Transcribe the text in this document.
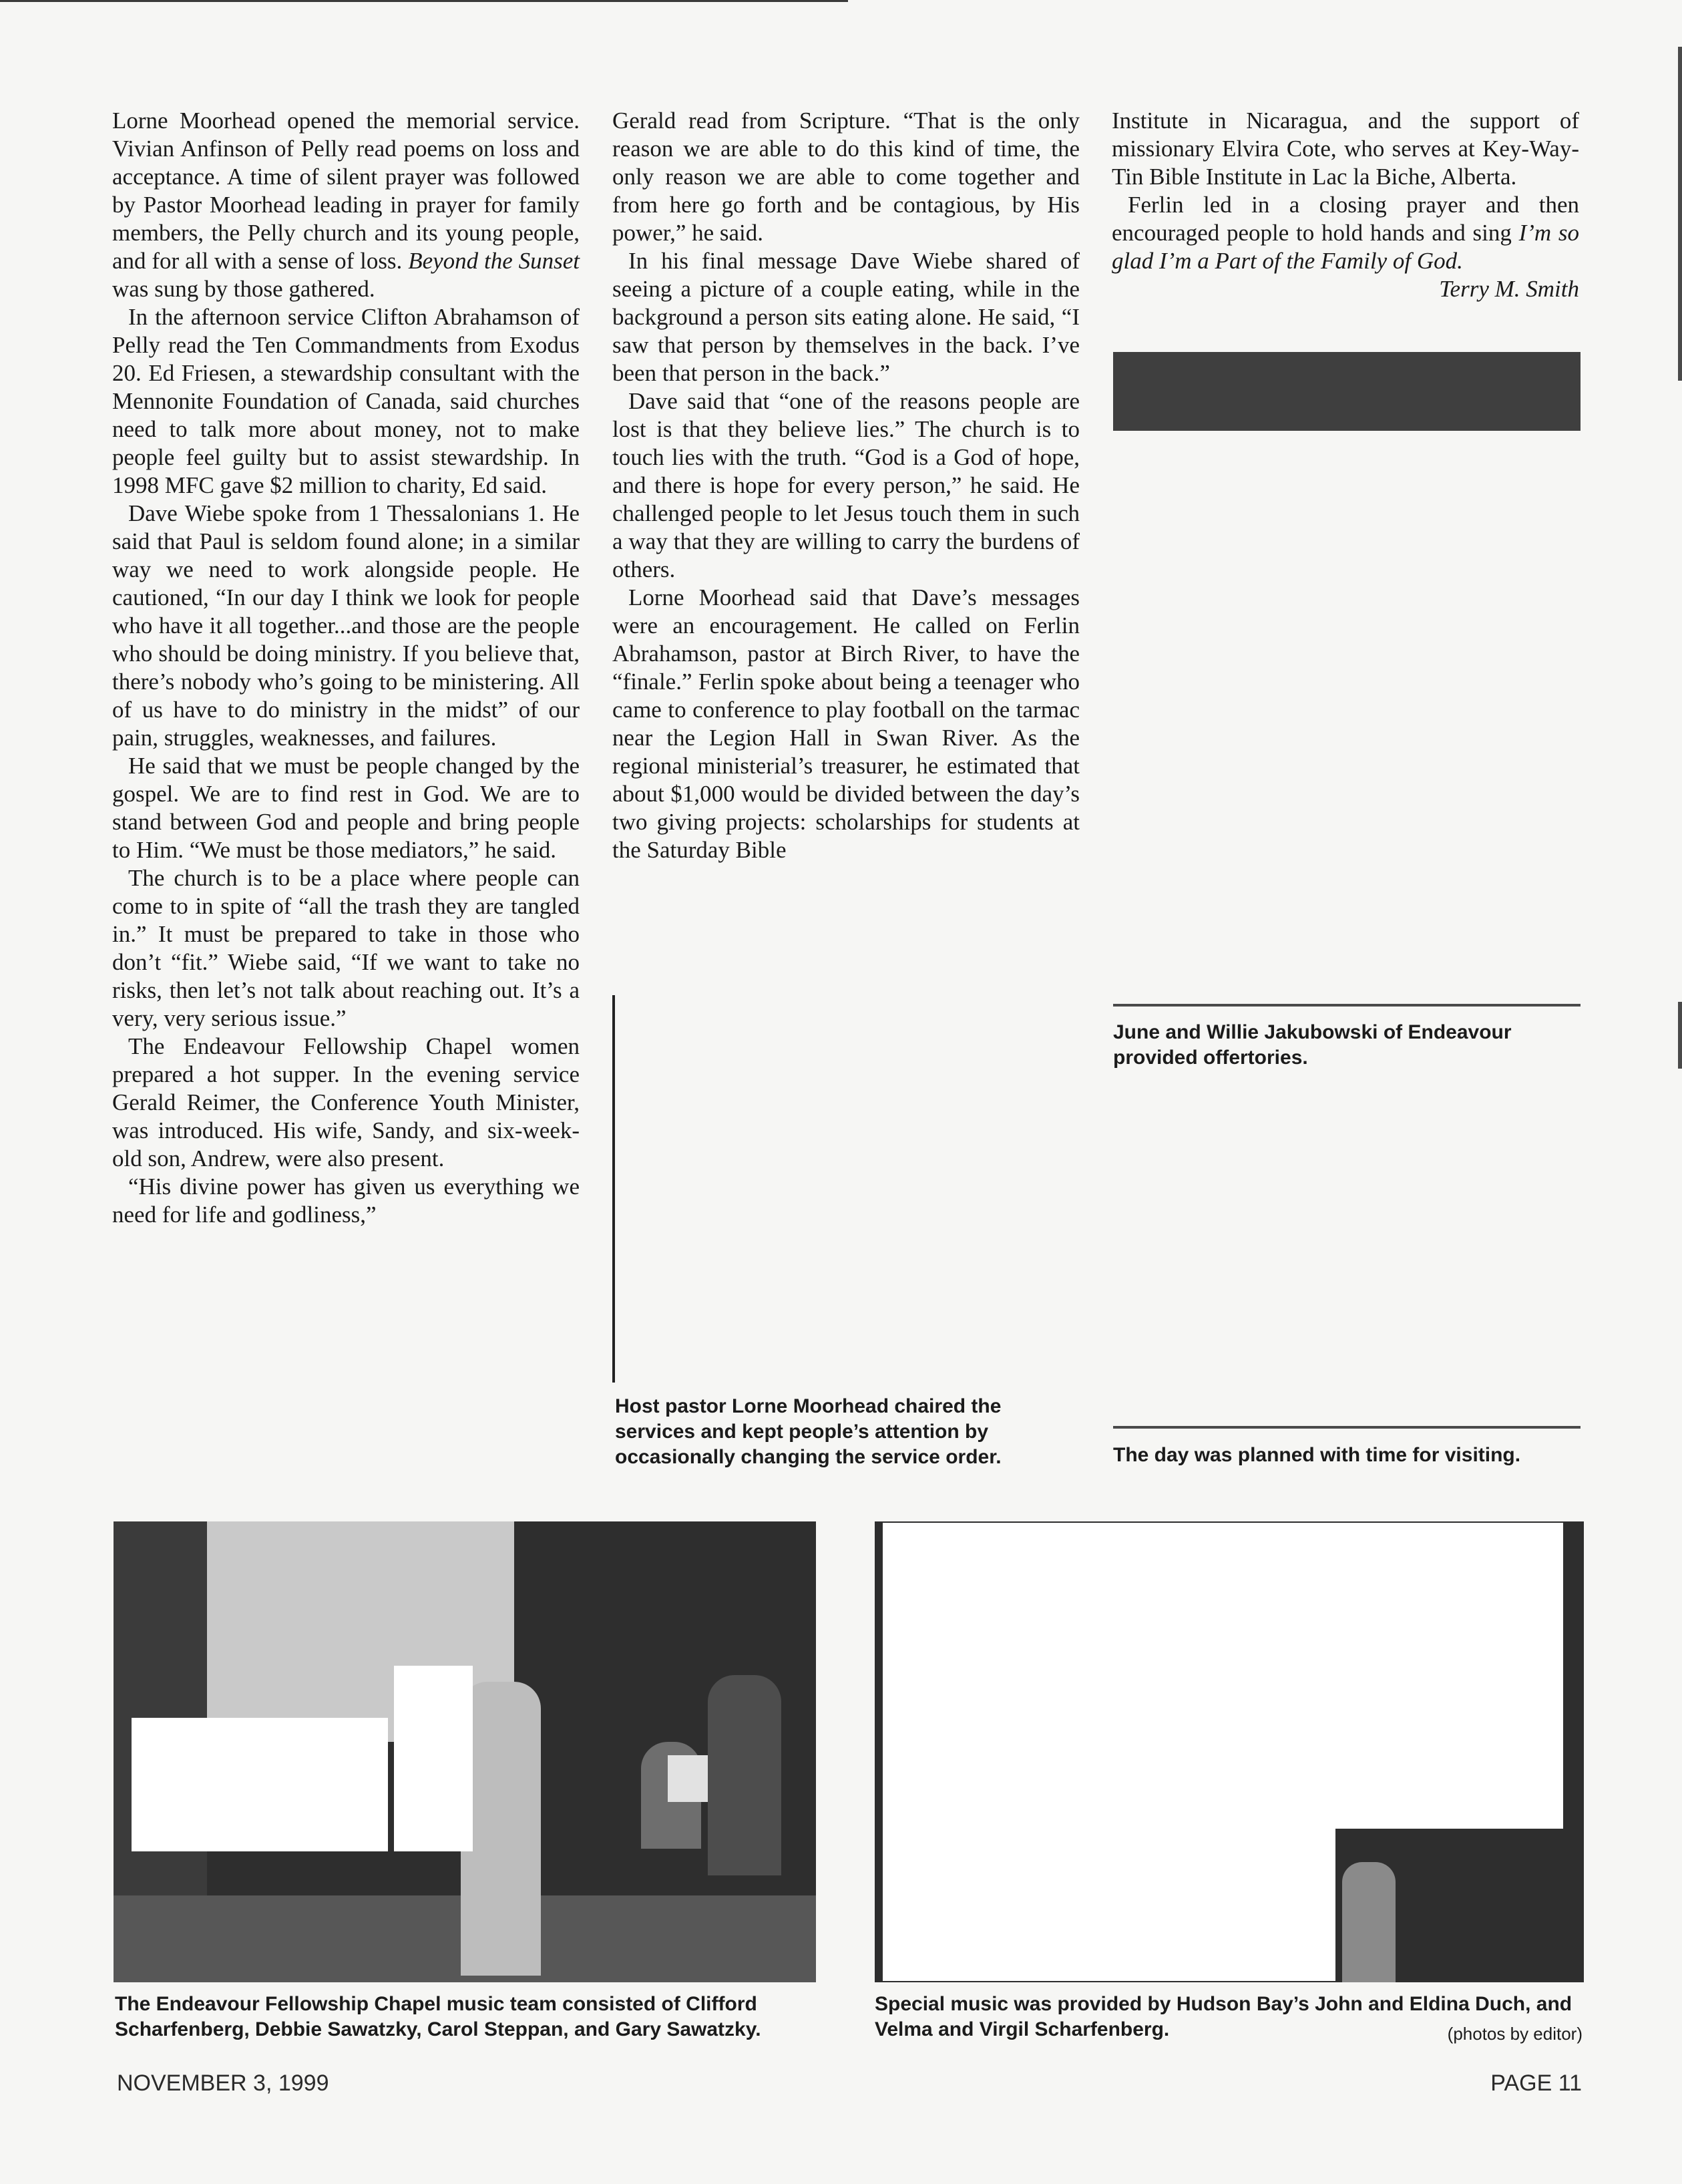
Lorne Moorhead opened the memorial service. Vivian Anfinson of Pelly read poems on loss and acceptance. A time of silent prayer was followed by Pastor Moorhead leading in prayer for family members, the Pelly church and its young people, and for all with a sense of loss. Beyond the Sunset was sung by those gathered.

In the afternoon service Clifton Abrahamson of Pelly read the Ten Commandments from Exodus 20. Ed Friesen, a stewardship consultant with the Mennonite Foundation of Canada, said churches need to talk more about money, not to make people feel guilty but to assist stewardship. In 1998 MFC gave $2 million to charity, Ed said.

Dave Wiebe spoke from 1 Thessalonians 1. He said that Paul is seldom found alone; in a similar way we need to work alongside people. He cautioned, “In our day I think we look for people who have it all together...and those are the people who should be doing ministry. If you believe that, there’s nobody who’s going to be ministering. All of us have to do ministry in the midst” of our pain, struggles, weaknesses, and failures.

He said that we must be people changed by the gospel. We are to find rest in God. We are to stand between God and people and bring people to Him. “We must be those mediators,” he said.

The church is to be a place where people can come to in spite of “all the trash they are tangled in.” It must be prepared to take in those who don’t “fit.” Wiebe said, “If we want to take no risks, then let’s not talk about reaching out. It’s a very, very serious issue.”

The Endeavour Fellowship Chapel women prepared a hot supper. In the evening service Gerald Reimer, the Conference Youth Minister, was introduced. His wife, Sandy, and six-week-old son, Andrew, were also present.

“His divine power has given us everything we need for life and godliness,”

Gerald read from Scripture. “That is the only reason we are able to do this kind of time, the only reason we are able to come together and from here go forth and be contagious, by His power,” he said.

In his final message Dave Wiebe shared of seeing a picture of a couple eating, while in the background a person sits eating alone. He said, “I saw that person by themselves in the back. I’ve been that person in the back.”

Dave said that “one of the reasons people are lost is that they believe lies.” The church is to touch lies with the truth. “God is a God of hope, and there is hope for every person,” he said. He challenged people to let Jesus touch them in such a way that they are willing to carry the burdens of others.

Lorne Moorhead said that Dave’s messages were an encouragement. He called on Ferlin Abrahamson, pastor at Birch River, to have the “finale.” Ferlin spoke about being a teenager who came to conference to play football on the tarmac near the Legion Hall in Swan River. As the regional ministerial’s treasurer, he estimated that about $1,000 would be divided between the day’s two giving projects: scholarships for students at the Saturday Bible

Institute in Nicaragua, and the support of missionary Elvira Cote, who serves at Key-Way-Tin Bible Institute in Lac la Biche, Alberta.

Ferlin led in a closing prayer and then encouraged people to hold hands and sing I’m so glad I’m a Part of the Family of God.

Terry M. Smith

June and Willie Jakubowski of Endeavour provided offertories.
Host pastor Lorne Moorhead chaired the services and kept people’s attention by occasionally changing the service order.	The day was planned with time for visiting.
The Endeavour Fellowship Chapel music team consisted of Clifford Scharfenberg, Debbie Sawatzky, Carol Steppan, and Gary Sawatzky.
Special music was provided by Hudson Bay’s John and Eldina Duch, and Velma and Virgil Scharfenberg.	(photos by editor)
NOVEMBER 3, 1999	PAGE 11
